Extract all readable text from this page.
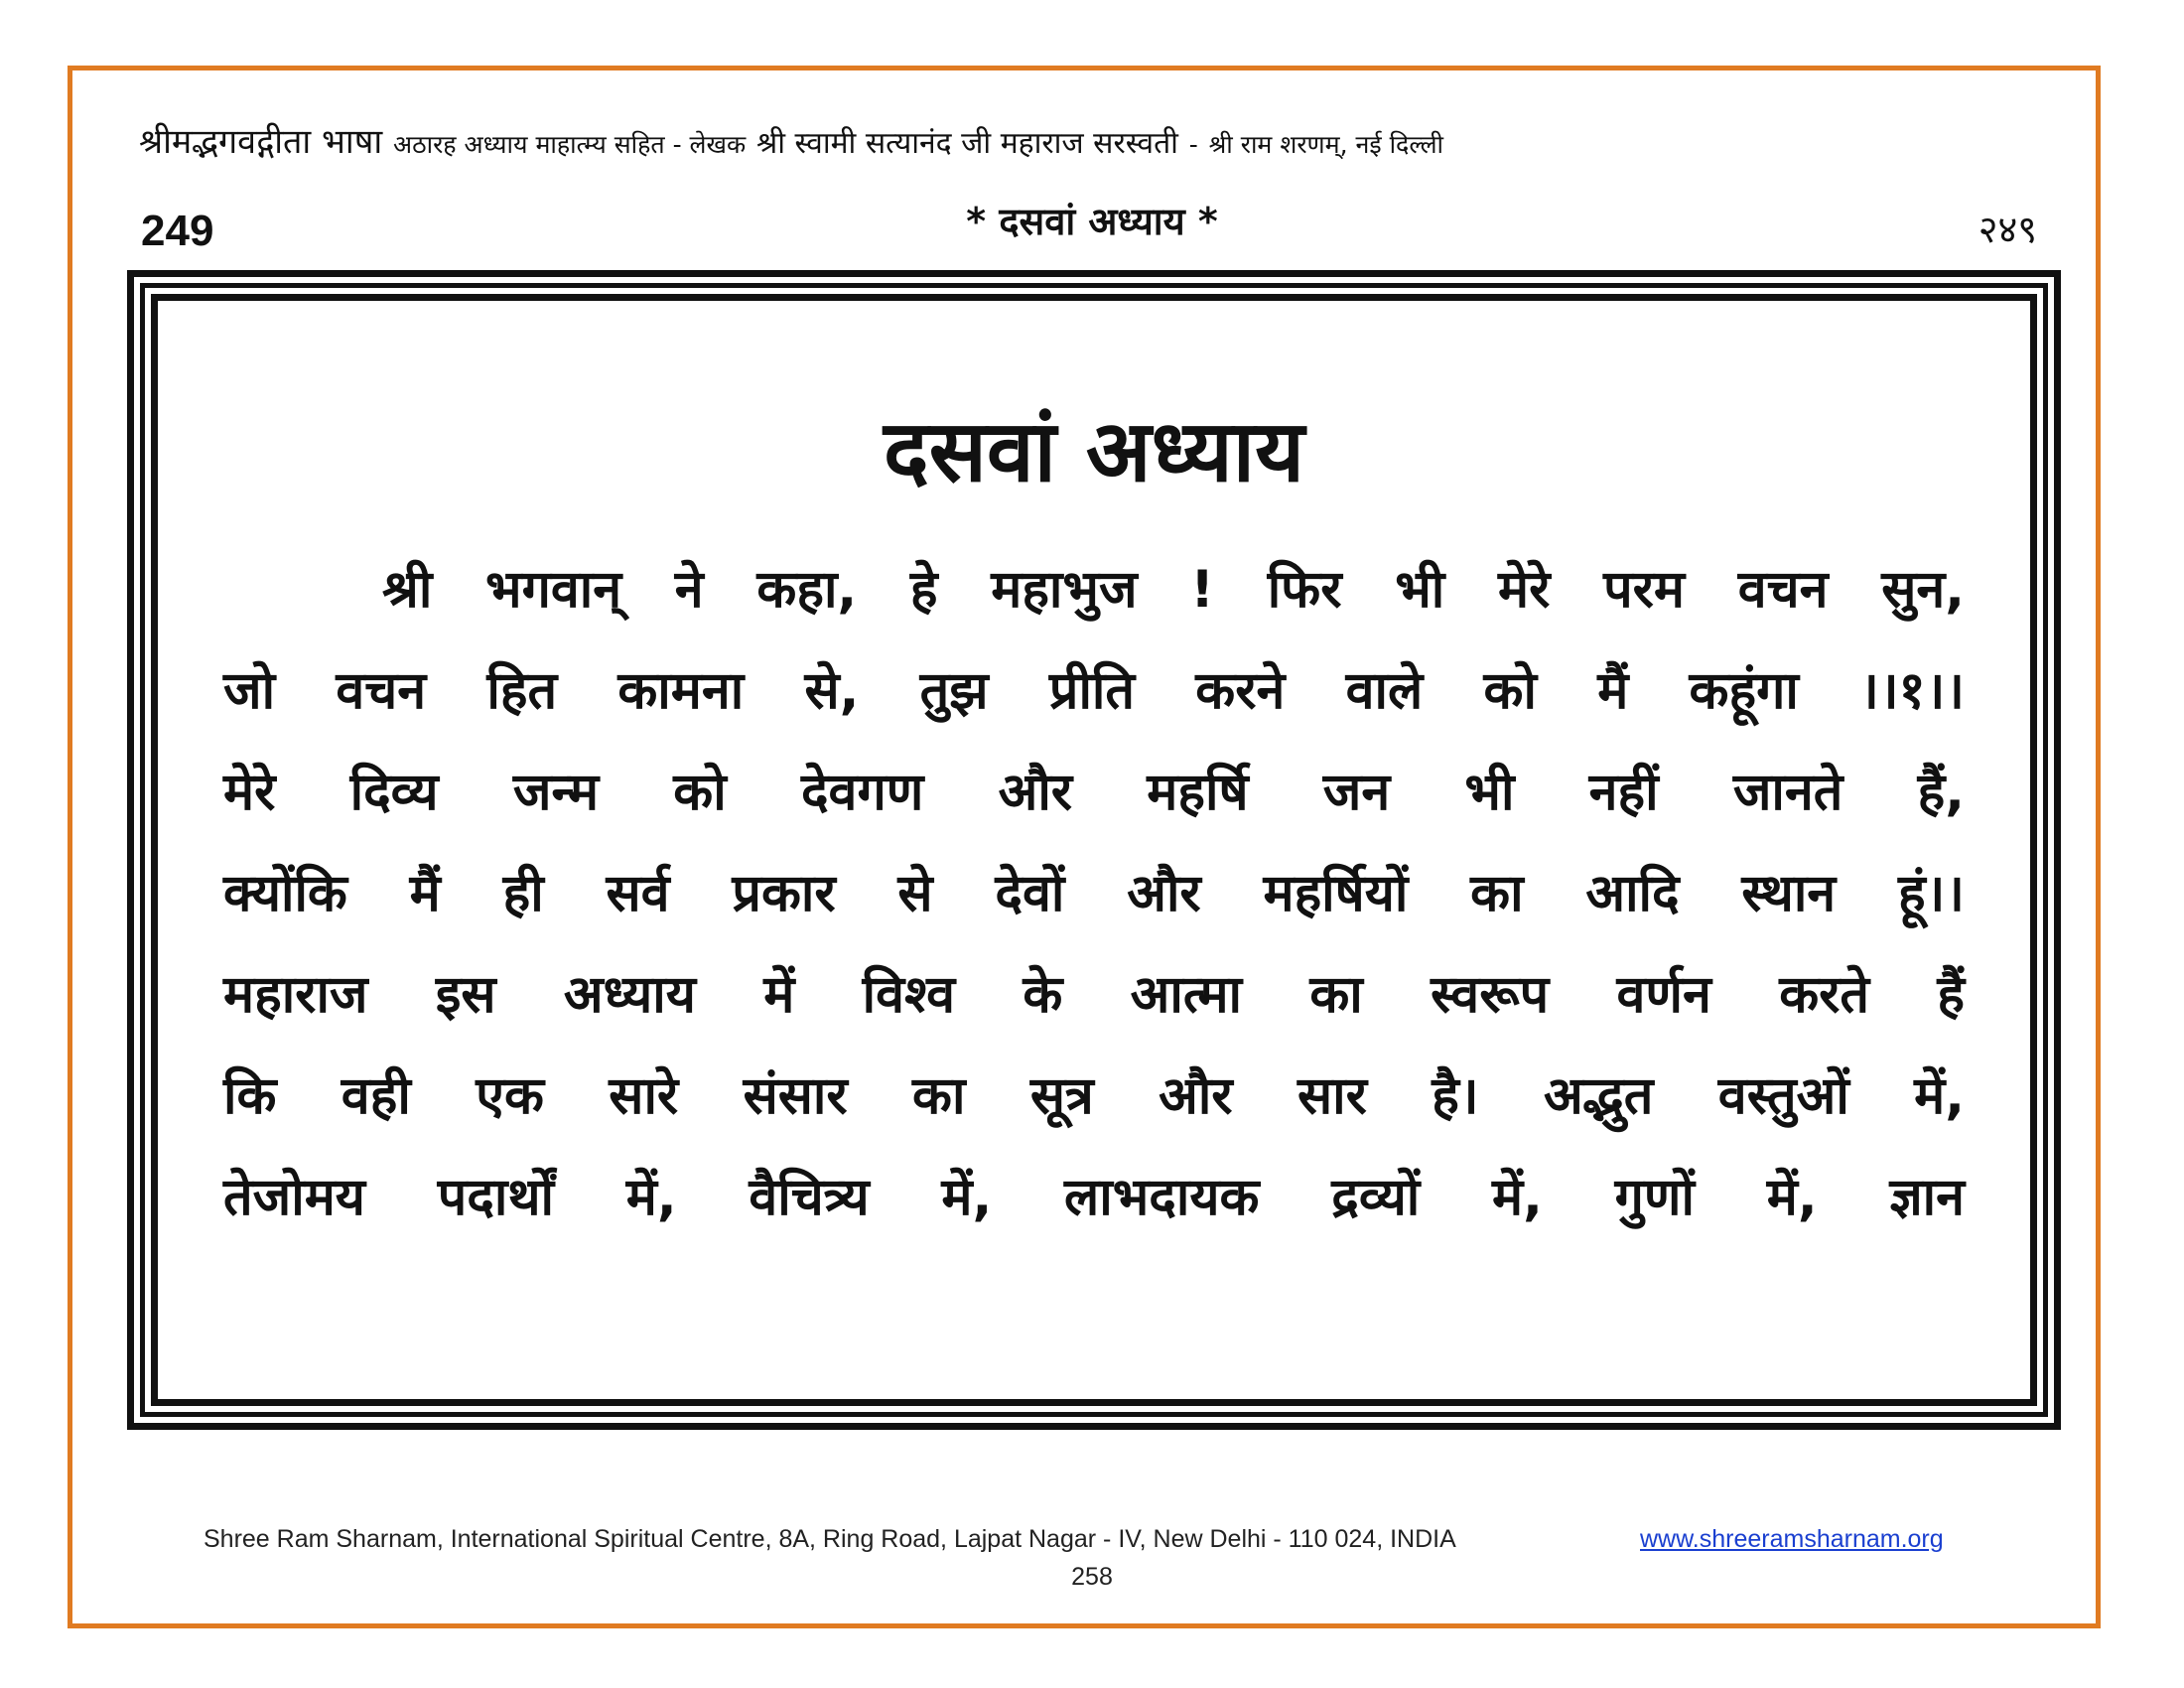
श्रीमद्भगवद्गीता भाषा अठारह अध्याय माहात्म्य सहित - लेखक श्री स्वामी सत्यानंद जी महाराज सरस्वती - श्री राम शरणम्, नई दिल्ली
249	* दसवां अध्याय *	२४९
दसवां अध्याय
श्री भगवान् ने कहा, हे महाभुज ! फिर भी मेरे परम वचन सुन,
जो वचन हित कामना से, तुझ प्रीति करने वाले को मैं कहूंगा ।।१।।
मेरे दिव्य जन्म को देवगण और महर्षि जन भी नहीं जानते हैं,
क्योंकि मैं ही सर्व प्रकार से देवों और महर्षियों का आदि स्थान हूं।।
महाराज इस अध्याय में विश्व के आत्मा का स्वरूप वर्णन करते हैं
कि वही एक सारे संसार का सूत्र और सार है। अद्भुत वस्तुओं में,
तेजोमय पदार्थों में, वैचित्र्य में, लाभदायक द्रव्यों में, गुणों में, ज्ञान
Shree Ram Sharnam, International Spiritual Centre, 8A, Ring Road, Lajpat Nagar - IV, New Delhi - 110 024, INDIA	www.shreeramsharnam.org
258
